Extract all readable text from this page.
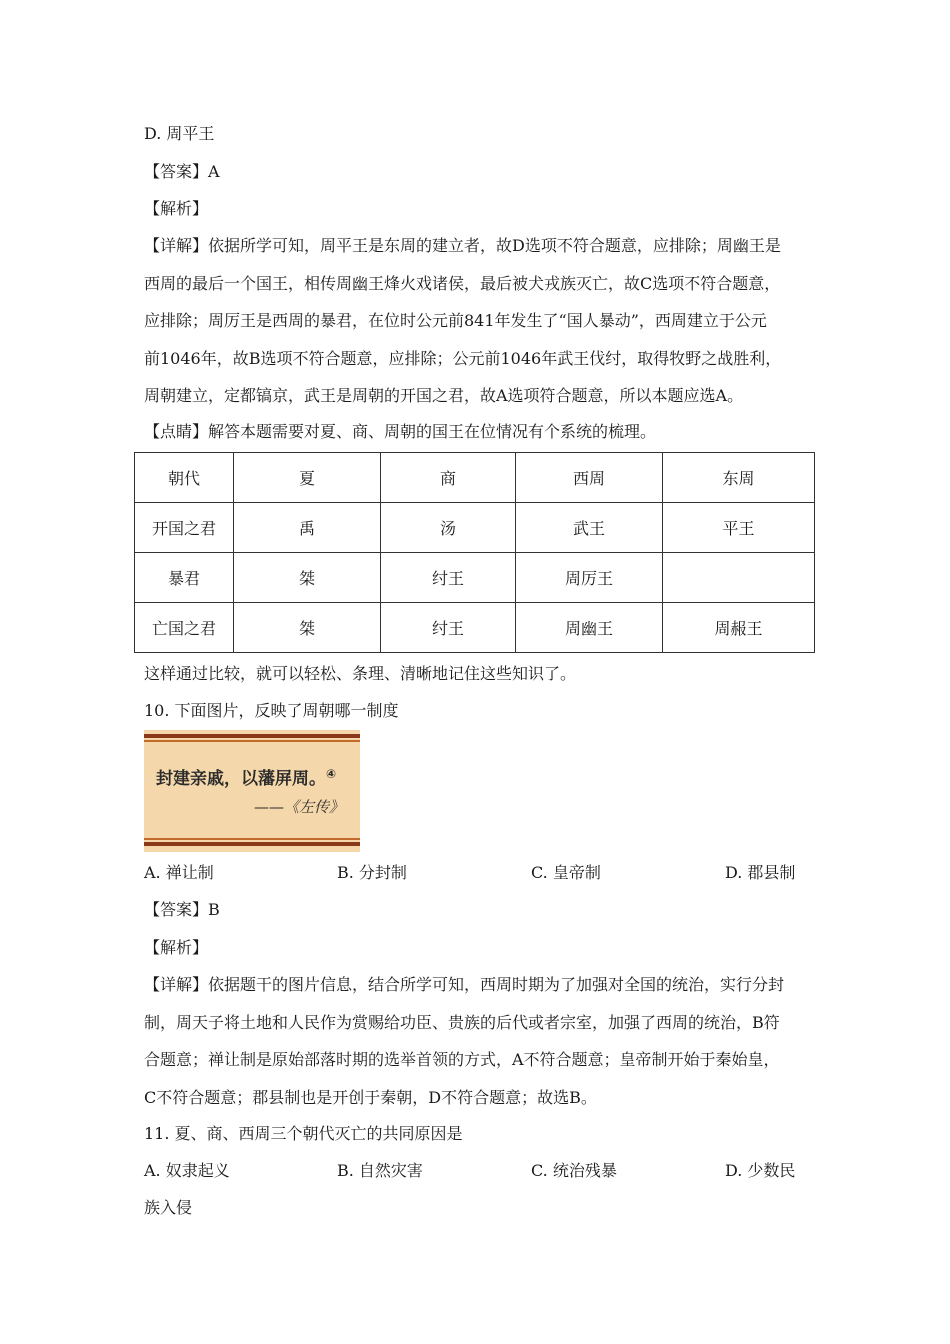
D. 周平王
【答案】A
【解析】

【详解】依据所学可知，周平王是东周的建立者，故D选项不符合题意，应排除；周幽王是

西周的最后一个国王，相传周幽王烽火戏诸侯，最后被犬戎族灭亡，故C选项不符合题意，

应排除；周厉王是西周的暴君，在位时公元前841年发生了“国人暴动”，西周建立于公元

前1046年，故B选项不符合题意，应排除；公元前1046年武王伐纣，取得牧野之战胜利，

周朝建立，定都镐京，武王是周朝的开国之君，故A选项符合题意，所以本题应选A。

【点睛】解答本题需要对夏、商、周朝的国王在位情况有个系统的梳理。
朝代	夏	商	西周	东周
开国之君	禹	汤	武王	平王
暴君	桀	纣王	周厉王	
亡国之君	桀	纣王	周幽王	周赧王
这样通过比较，就可以轻松、条理、清晰地记住这些知识了。
10. 下面图片，反映了周朝哪一制度
封建亲戚，以藩屏周。④
——《左传》
A. 禅让制	B. 分封制	C. 皇帝制	D. 郡县制
【答案】B
【解析】

【详解】依据题干的图片信息，结合所学可知，西周时期为了加强对全国的统治，实行分封

制，周天子将土地和人民作为赏赐给功臣、贵族的后代或者宗室，加强了西周的统治，B符

合题意；禅让制是原始部落时期的选举首领的方式，A不符合题意；皇帝制开始于秦始皇，

C不符合题意；郡县制也是开创于秦朝，D不符合题意；故选B。

11. 夏、商、西周三个朝代灭亡的共同原因是
A. 奴隶起义	B. 自然灾害	C. 统治残暴	D. 少数民
族入侵
